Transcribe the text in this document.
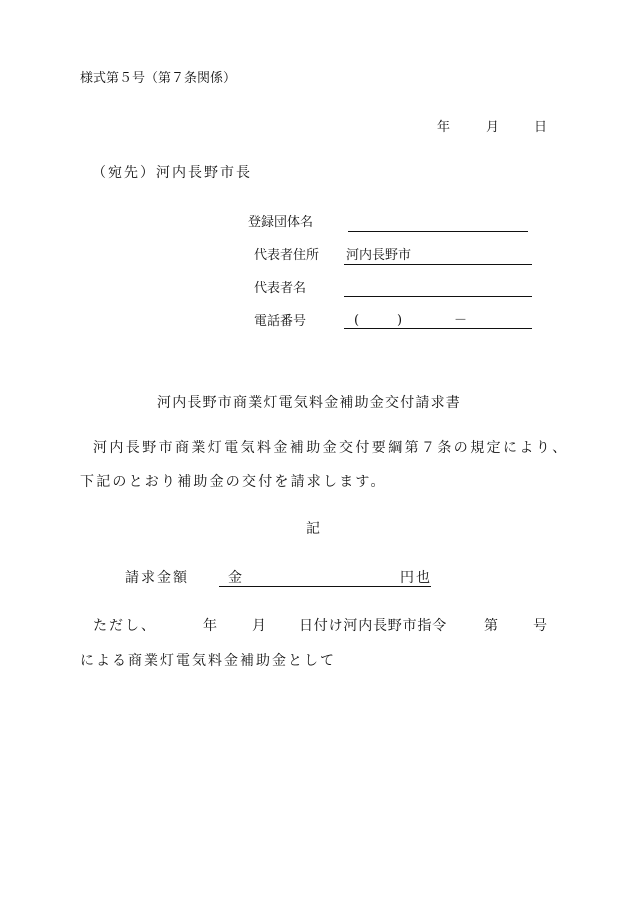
様式第５号（第７条関係）
年	月	日
（宛先）河内長野市長
登録団体名
代表者住所 河内長野市
代表者名
電話番号	(	)	－
河内長野市商業灯電気料金補助金交付請求書
河内長野市商業灯電気料金補助金交付要綱第７条の規定により、
下記のとおり補助金の交付を請求します。
記
請求金額	金	円也
ただし、	年	月 日付け河内長野市指令	第	号
による商業灯電気料金補助金として
